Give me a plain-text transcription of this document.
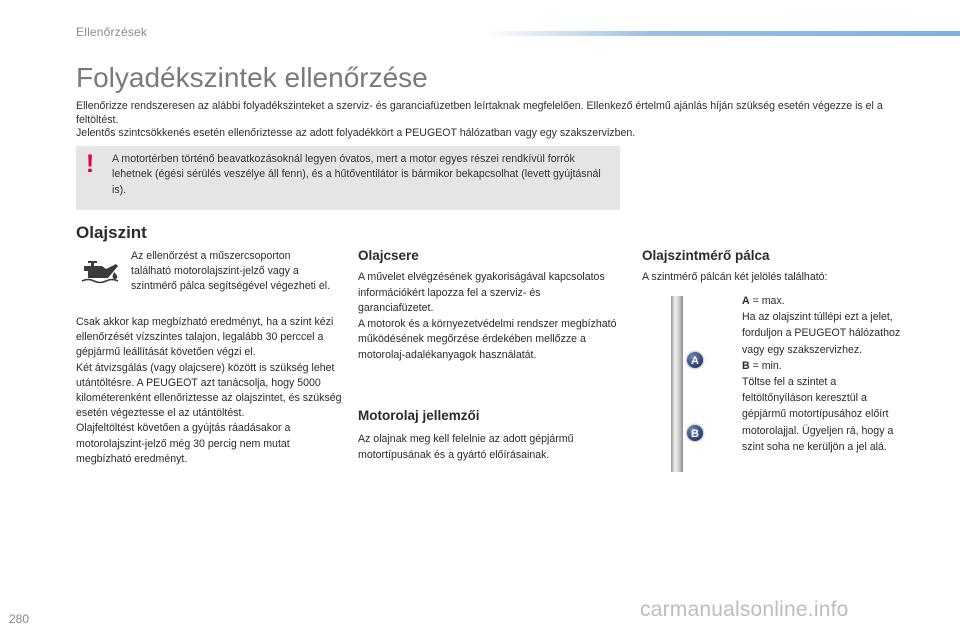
Ellenőrzések
Folyadékszintek ellenőrzése

Ellenőrizze rendszeresen az alábbi folyadékszinteket a szerviz- és garanciafüzetben leírtaknak megfelelően. Ellenkező értelmű ajánlás híján szükség esetén végezze is el a feltöltést.

Jelentős szintcsökkenés esetén ellenőriztesse az adott folyadékkört a PEUGEOT hálózatban vagy egy szakszervizben.

! A motortérben történő beavatkozásoknál legyen óvatos, mert a motor egyes részei rendkívül forrók lehetnek (égési sérülés veszélye áll fenn), és a hűtőventilátor is bármikor bekapcsolhat (levett gyújtásnál is).
Olajszint
Az ellenőrzést a műszercsoporton található motorolajszint-jelző vagy a szintmérő pálca segítségével végezheti el.

Csak akkor kap megbízható eredményt, ha a szint kézi ellenőrzését vízszintes talajon, legalább 30 perccel a gépjármű leállítását követően végzi el.

Két átvizsgálás (vagy olajcsere) között is szükség lehet utántöltésre. A PEUGEOT azt tanácsolja, hogy 5000 kilométerenként ellenőriztesse az olajszintet, és szükség esetén végeztesse el az utántöltést.

Olajfeltöltést követően a gyújtás ráadásakor a motorolajszint-jelző még 30 percig nem mutat megbízható eredményt.

Olajcsere

A művelet elvégzésének gyakoriságával kapcsolatos információkért lapozza fel a szerviz- és garanciafüzetet.

A motorok és a környezetvédelmi rendszer megbízható működésének megőrzése érdekében mellőzze a motorolaj-adalékanyagok használatát.

Motorolaj jellemzői
Az olajnak meg kell felelnie az adott gépjármű motortípusának és a gyártó előírásainak.
Olajszintmérő pálca
A szintmérő pálcán két jelölés található:
A
B

A = max.

Ha az olajszint túllépi ezt a jelet, forduljon a PEUGEOT hálózathoz vagy egy szakszervizhez.

B = min.

Töltse fel a szintet a feltöltőnyíláson keresztül a gépjármű motortípusához előírt motorolajjal. Ügyeljen rá, hogy a szint soha ne kerüljön a jel alá.

280	carmanualsonline.info
